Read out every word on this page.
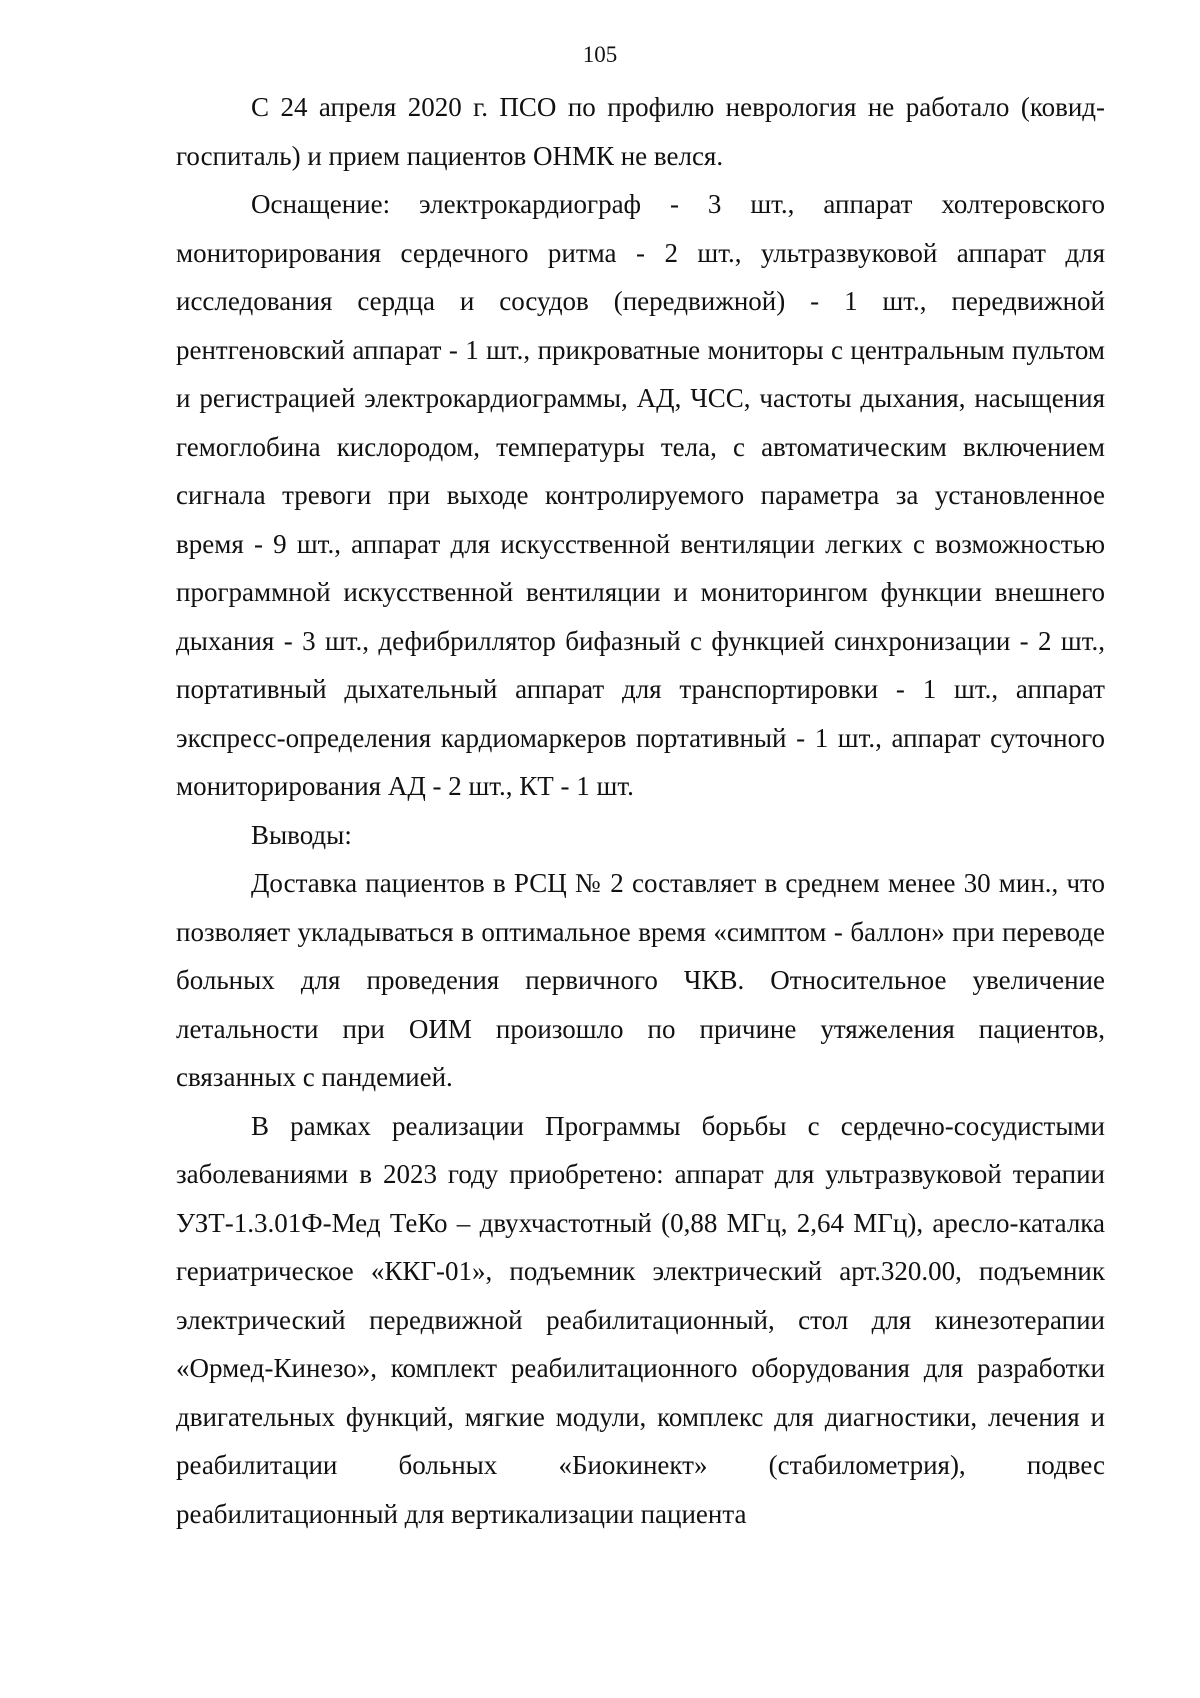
105

С 24 апреля 2020 г. ПСО по профилю неврология не работало (ковид-госпиталь) и прием пациентов ОНМК не велся.

Оснащение: электрокардиограф - 3 шт., аппарат холтеровского мониторирования сердечного ритма - 2 шт., ультразвуковой аппарат для исследования сердца и сосудов (передвижной) - 1 шт., передвижной рентгеновский аппарат - 1 шт., прикроватные мониторы с центральным пультом и регистрацией электрокардиограммы, АД, ЧСС, частоты дыхания, насыщения гемоглобина кислородом, температуры тела, с автоматическим включением сигнала тревоги при выходе контролируемого параметра за установленное время - 9 шт., аппарат для искусственной вентиляции легких с возможностью программной искусственной вентиляции и мониторингом функции внешнего дыхания - 3 шт., дефибриллятор бифазный с функцией синхронизации - 2 шт., портативный дыхательный аппарат для транспортировки - 1 шт., аппарат экспресс-определения кардиомаркеров портативный - 1 шт., аппарат суточного мониторирования АД - 2 шт., КТ - 1 шт.

Выводы:

Доставка пациентов в РСЦ № 2 составляет в среднем менее 30 мин., что позволяет укладываться в оптимальное время «симптом - баллон» при переводе больных для проведения первичного ЧКВ. Относительное увеличение летальности при ОИМ произошло по причине утяжеления пациентов, связанных с пандемией.

В рамках реализации Программы борьбы с сердечно-сосудистыми заболеваниями в 2023 году приобретено: аппарат для ультразвуковой терапии УЗТ-1.3.01Ф-Мед ТеКо – двухчастотный (0,88 МГц, 2,64 МГц), аресло-каталка гериатрическое «ККГ-01», подъемник электрический арт.320.00, подъемник электрический передвижной реабилитационный, стол для кинезотерапии «Ормед-Кинезо», комплект реабилитационного оборудования для разработки двигательных функций, мягкие модули, комплекс для диагностики, лечения и реабилитации больных «Биокинект» (стабилометрия), подвес реабилитационный для вертикализации пациента
